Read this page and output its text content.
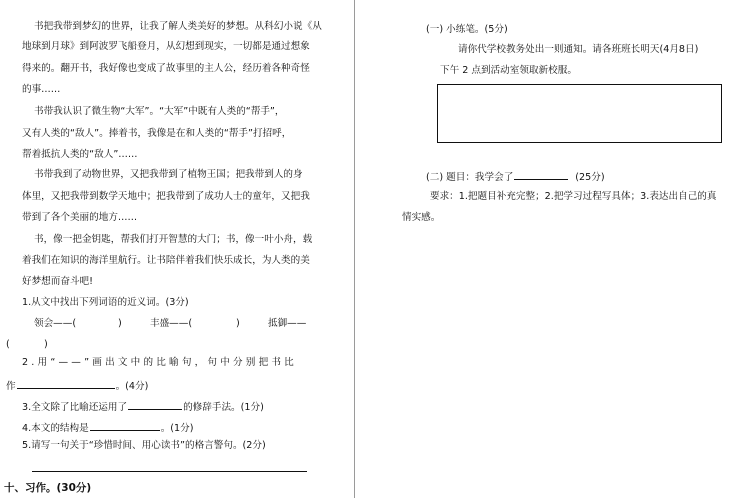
书把我带到梦幻的世界，让我了解人类美好的梦想。从科幻小说《从
地球到月球》到阿波罗飞船登月，从幻想到现实，一切都是通过想象
得来的。翻开书，我好像也变成了故事里的主人公，经历着各种奇怪
的事……
书带我认识了微生物“大军”。“大军”中既有人类的“帮手”，
又有人类的“敌人”。捧着书，我像是在和人类的“帮手”打招呼，
帮着抵抗人类的“敌人”……
书带我到了动物世界，又把我带到了植物王国；把我带到人的身
体里，又把我带到数学天地中；把我带到了成功人士的童年，又把我
带到了各个美丽的地方……
书，像一把金钥匙，帮我们打开智慧的大门；书，像一叶小舟，载
着我们在知识的海洋里航行。让书陪伴着我们快乐成长，为人类的美
好梦想而奋斗吧!
1.从文中找出下列词语的近义词。(3分)
领会——(	)	丰盛——(	)	抵御——
(	)
2.用“——”画出文中的比喻句，句中分别把书比
作	。(4分)
3.全文除了比喻还运用了	的修辞手法。(1分)
4.本文的结构是	。(1分)
5.请写一句关于“珍惜时间、用心读书”的格言警句。(2分)
十、习作。(30分)
(一) 小练笔。(5分)
请你代学校教务处出一则通知。请各班班长明天(4月8日)
下午 2 点到活动室领取新校服。
(二) 题目：我学会了	(25分)
要求：1.把题目补充完整；2.把学习过程写具体；3.表达出自己的真
情实感。
